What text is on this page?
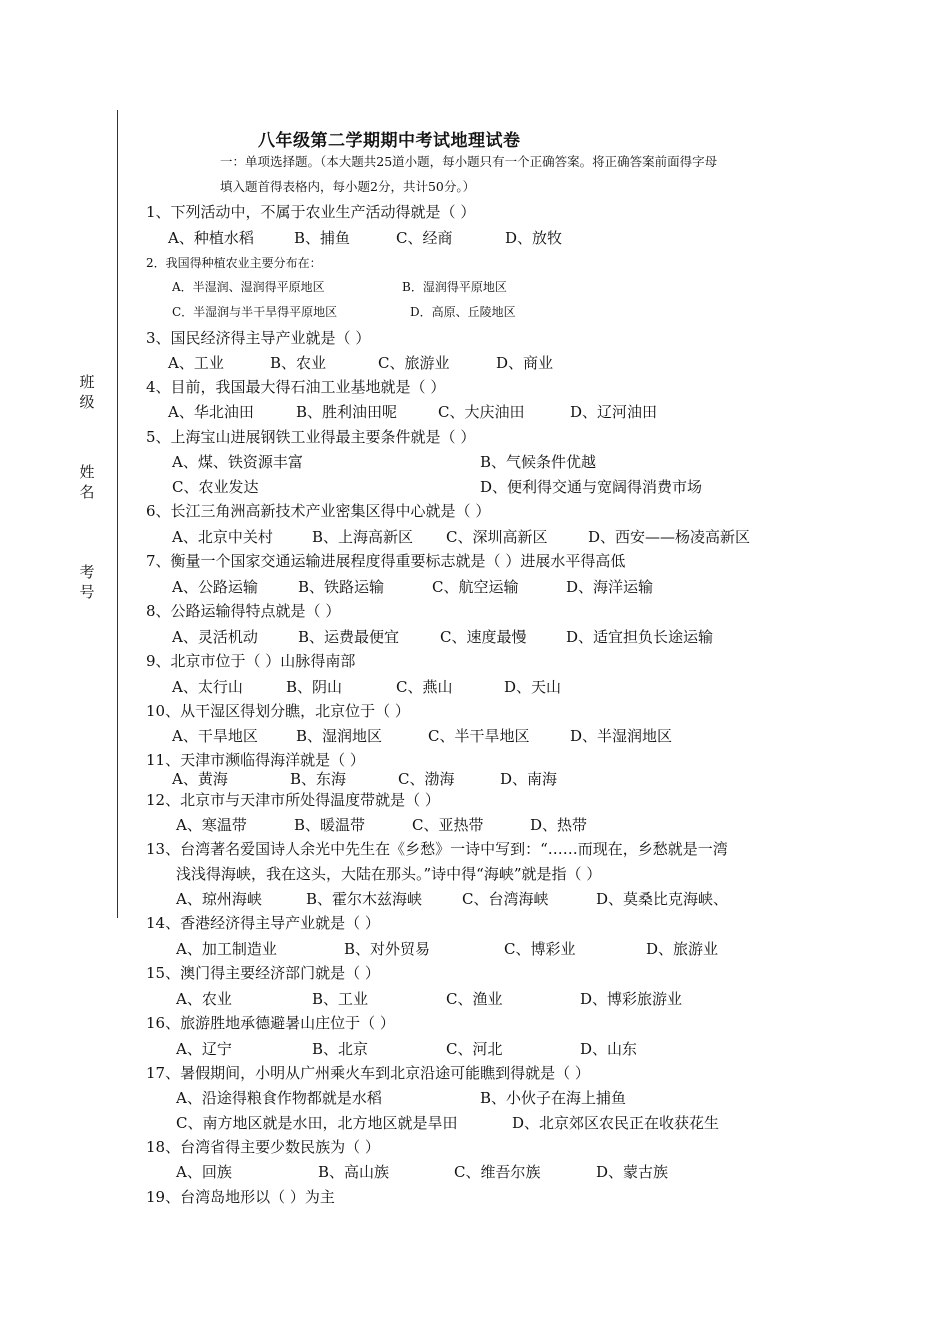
班
级
姓
名
考
号
八年级第二学期期中考试地理试卷
一：单项选择题。（本大题共25道小题，每小题只有一个正确答案。将正确答案前面得字母
填入题首得表格内，每小题2分，共计50分。）
1、下列活动中，不属于农业生产活动得就是（ ）
A、种植水稻	B、捕鱼	C、经商	D、放牧
2．我国得种植农业主要分布在：
A．半湿润、湿润得平原地区	B．湿润得平原地区
C．半湿润与半干旱得平原地区	D．高原、丘陵地区
3、国民经济得主导产业就是（ ）
A、工业	B、农业	C、旅游业	D、商业
4、目前，我国最大得石油工业基地就是（ ）
A、华北油田	B、胜利油田呢	C、大庆油田	D、辽河油田
5、上海宝山进展钢铁工业得最主要条件就是（ ）
A、煤、铁资源丰富	B、气候条件优越
C、农业发达	D、便利得交通与宽阔得消费市场
6、长江三角洲高新技术产业密集区得中心就是（ ）
A、北京中关村	B、上海高新区 C、深圳高新区	D、西安——杨凌高新区
7、衡量一个国家交通运输进展程度得重要标志就是（ ）进展水平得高低
A、公路运输	B、铁路运输	C、航空运输	D、海洋运输
8、公路运输得特点就是（ ）
A、灵活机动	B、运费最便宜	C、速度最慢	D、适宜担负长途运输
9、北京市位于（ ）山脉得南部
A、太行山	B、阴山	C、燕山	D、天山
10、从干湿区得划分瞧，北京位于（ ）
A、干旱地区	B、湿润地区	C、半干旱地区	D、半湿润地区
11、天津市濒临得海洋就是（ ）
A、黄海	B、东海	C、渤海	D、南海
12、北京市与天津市所处得温度带就是（ ）
A、寒温带	B、暖温带	C、亚热带	D、热带
13、台湾著名爱国诗人余光中先生在《乡愁》一诗中写到：“……而现在，乡愁就是一湾
浅浅得海峡，我在这头，大陆在那头。”诗中得“海峡”就是指（ ）
A、琼州海峡	B、霍尔木兹海峡	C、台湾海峡	D、莫桑比克海峡、
14、香港经济得主导产业就是（ ）
A、加工制造业	B、对外贸易	C、博彩业	D、旅游业
15、澳门得主要经济部门就是（ ）
A、农业	B、工业	C、渔业	D、博彩旅游业
16、旅游胜地承德避暑山庄位于（ ）
A、辽宁	B、北京	C、河北	D、山东
17、暑假期间，小明从广州乘火车到北京沿途可能瞧到得就是（ ）
A、沿途得粮食作物都就是水稻	B、小伙子在海上捕鱼
C、南方地区就是水田，北方地区就是旱田	D、北京郊区农民正在收获花生
18、台湾省得主要少数民族为（ ）
A、回族	B、高山族	C、维吾尔族	D、蒙古族
19、台湾岛地形以（ ）为主
